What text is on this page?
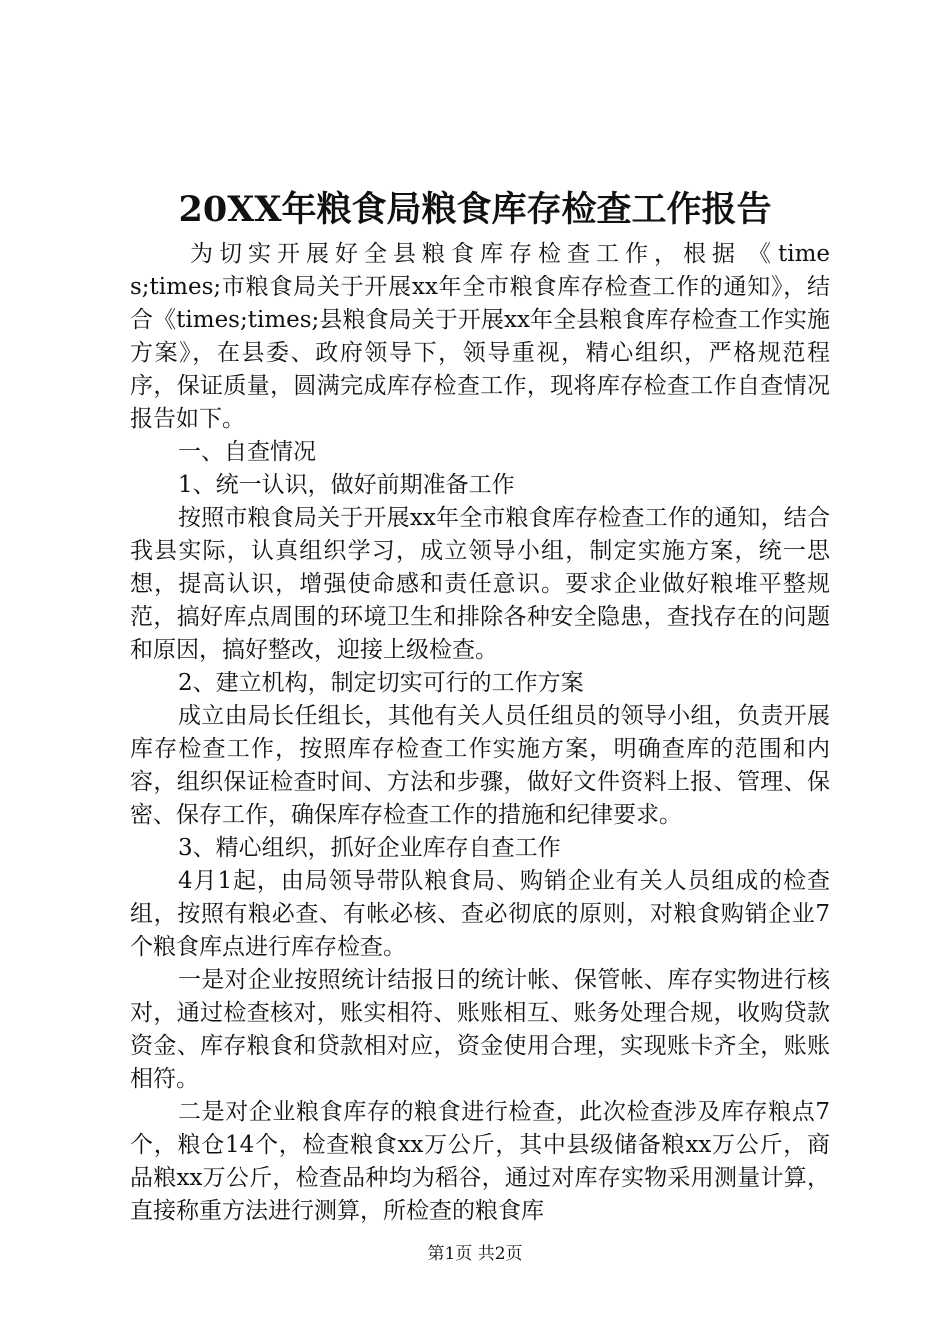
20XX年粮食局粮食库存检查工作报告

为切实开展好全县粮食库存检查工作，根据《times;times;市粮食局关于开展xx年全市粮食库存检查工作的通知》，结合《times;times;县粮食局关于开展xx年全县粮食库存检查工作实施方案》，在县委、政府领导下，领导重视，精心组织，严格规范程序，保证质量，圆满完成库存检查工作，现将库存检查工作自查情况报告如下。

一、自查情况

1、统一认识，做好前期准备工作

按照市粮食局关于开展xx年全市粮食库存检查工作的通知，结合我县实际，认真组织学习，成立领导小组，制定实施方案，统一思想，提高认识，增强使命感和责任意识。要求企业做好粮堆平整规范，搞好库点周围的环境卫生和排除各种安全隐患，查找存在的问题和原因，搞好整改，迎接上级检查。

2、建立机构，制定切实可行的工作方案

成立由局长任组长，其他有关人员任组员的领导小组，负责开展库存检查工作，按照库存检查工作实施方案，明确查库的范围和内容，组织保证检查时间、方法和步骤，做好文件资料上报、管理、保密、保存工作，确保库存检查工作的措施和纪律要求。

3、精心组织，抓好企业库存自查工作

4月1起，由局领导带队粮食局、购销企业有关人员组成的检查组，按照有粮必查、有帐必核、查必彻底的原则，对粮食购销企业7个粮食库点进行库存检查。

一是对企业按照统计结报日的统计帐、保管帐、库存实物进行核对，通过检查核对，账实相符、账账相互、账务处理合规，收购贷款资金、库存粮食和贷款相对应，资金使用合理，实现账卡齐全，账账相符。

二是对企业粮食库存的粮食进行检查，此次检查涉及库存粮点7个，粮仓14个，检查粮食xx万公斤，其中县级储备粮xx万公斤，商品粮xx万公斤，检查品种均为稻谷，通过对库存实物采用测量计算，直接称重方法进行测算，所检查的粮食库

第1页 共2页
